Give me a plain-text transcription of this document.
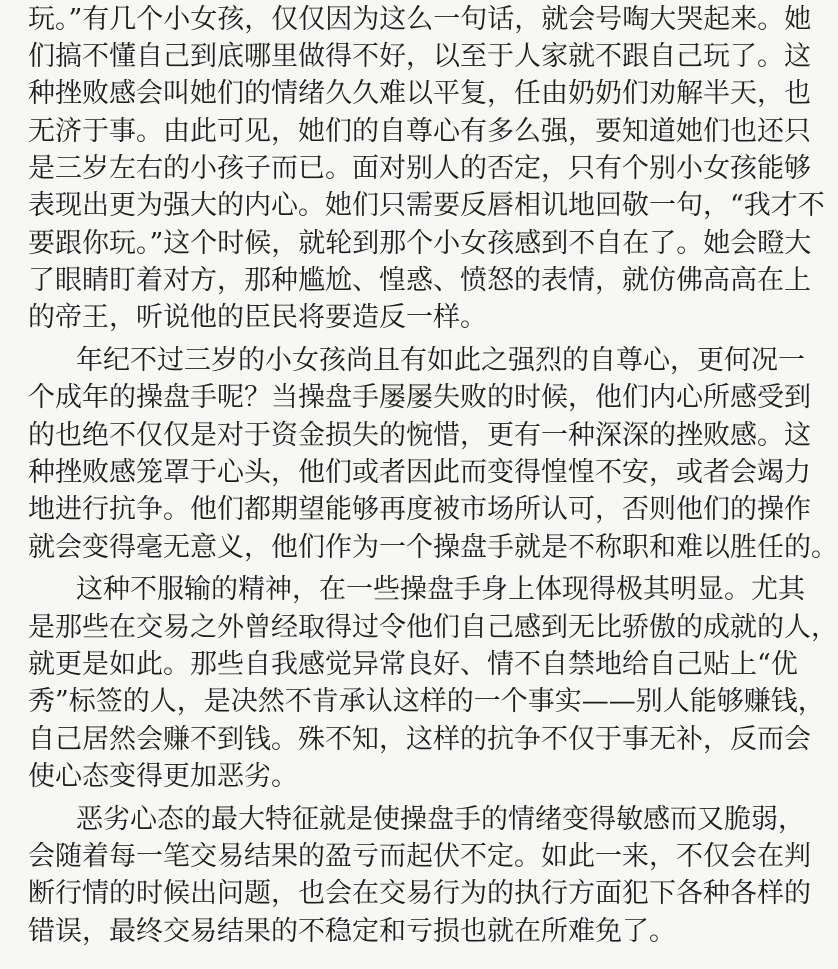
玩。”有几个小女孩，仅仅因为这么一句话，就会号啕大哭起来。她
们搞不懂自己到底哪里做得不好，以至于人家就不跟自己玩了。这
种挫败感会叫她们的情绪久久难以平复，任由奶奶们劝解半天，也
无济于事。由此可见，她们的自尊心有多么强，要知道她们也还只
是三岁左右的小孩子而已。面对别人的否定，只有个别小女孩能够
表现出更为强大的内心。她们只需要反唇相讥地回敬一句，“我才不
要跟你玩。”这个时候，就轮到那个小女孩感到不自在了。她会瞪大
了眼睛盯着对方，那种尴尬、惶惑、愤怒的表情，就仿佛高高在上
的帝王，听说他的臣民将要造反一样。
年纪不过三岁的小女孩尚且有如此之强烈的自尊心，更何况一
个成年的操盘手呢？当操盘手屡屡失败的时候，他们内心所感受到
的也绝不仅仅是对于资金损失的惋惜，更有一种深深的挫败感。这
种挫败感笼罩于心头，他们或者因此而变得惶惶不安，或者会竭力
地进行抗争。他们都期望能够再度被市场所认可，否则他们的操作
就会变得毫无意义，他们作为一个操盘手就是不称职和难以胜任的。
这种不服输的精神，在一些操盘手身上体现得极其明显。尤其
是那些在交易之外曾经取得过令他们自己感到无比骄傲的成就的人，
就更是如此。那些自我感觉异常良好、情不自禁地给自己贴上“优
秀”标签的人，是决然不肯承认这样的一个事实——别人能够赚钱，
自己居然会赚不到钱。殊不知，这样的抗争不仅于事无补，反而会
使心态变得更加恶劣。
恶劣心态的最大特征就是使操盘手的情绪变得敏感而又脆弱，
会随着每一笔交易结果的盈亏而起伏不定。如此一来，不仅会在判
断行情的时候出问题，也会在交易行为的执行方面犯下各种各样的
错误，最终交易结果的不稳定和亏损也就在所难免了。
